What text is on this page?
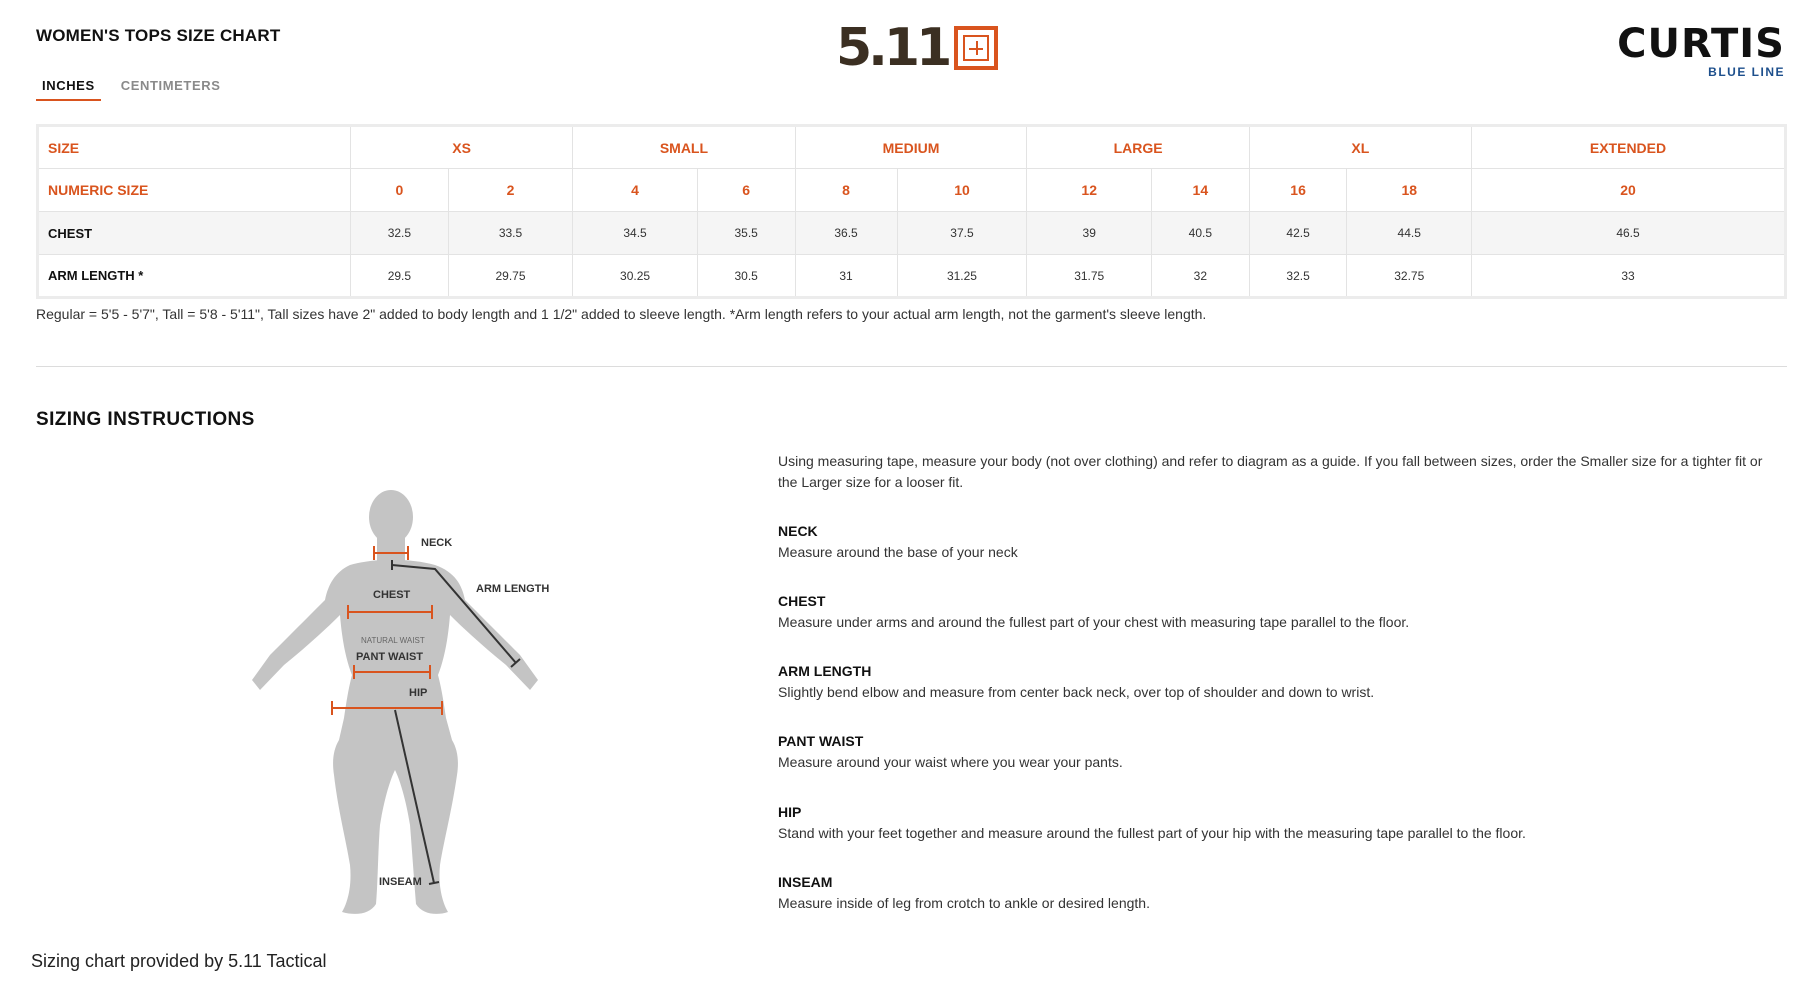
WOMEN'S TOPS SIZE CHART
INCHES	CENTIMETERS
5.11	CURTIS
BLUE LINE
SIZE	XS		SMALL		MEDIUM		LARGE		XL		EXTENDED
NUMERIC SIZE	0	2	4	6	8	10	12	14	16	18	20
CHEST	32.5	33.5	34.5	35.5	36.5	37.5	39	40.5	42.5	44.5	46.5
ARM LENGTH *	29.5	29.75	30.25	30.5	31	31.25	31.75	32	32.5	32.75	33
Regular = 5'5 - 5'7", Tall = 5'8 - 5'11", Tall sizes have 2" added to body length and 1 1/2" added to sleeve length. *Arm length refers to your actual arm length, not the garment's sleeve length.
SIZING INSTRUCTIONS
NECK
ARM LENGTH
CHEST
NATURAL WAIST
PANT WAIST
HIP
INSEAM
Using measuring tape, measure your body (not over clothing) and refer to diagram as a guide. If you fall between sizes, order the Smaller size for a tighter fit or the Larger size for a looser fit.
NECK
Measure around the base of your neck
CHEST
Measure under arms and around the fullest part of your chest with measuring tape parallel to the floor.
ARM LENGTH
Slightly bend elbow and measure from center back neck, over top of shoulder and down to wrist.
PANT WAIST
Measure around your waist where you wear your pants.
HIP
Stand with your feet together and measure around the fullest part of your hip with the measuring tape parallel to the floor.
INSEAM
Measure inside of leg from crotch to ankle or desired length.
Sizing chart provided by 5.11 Tactical
